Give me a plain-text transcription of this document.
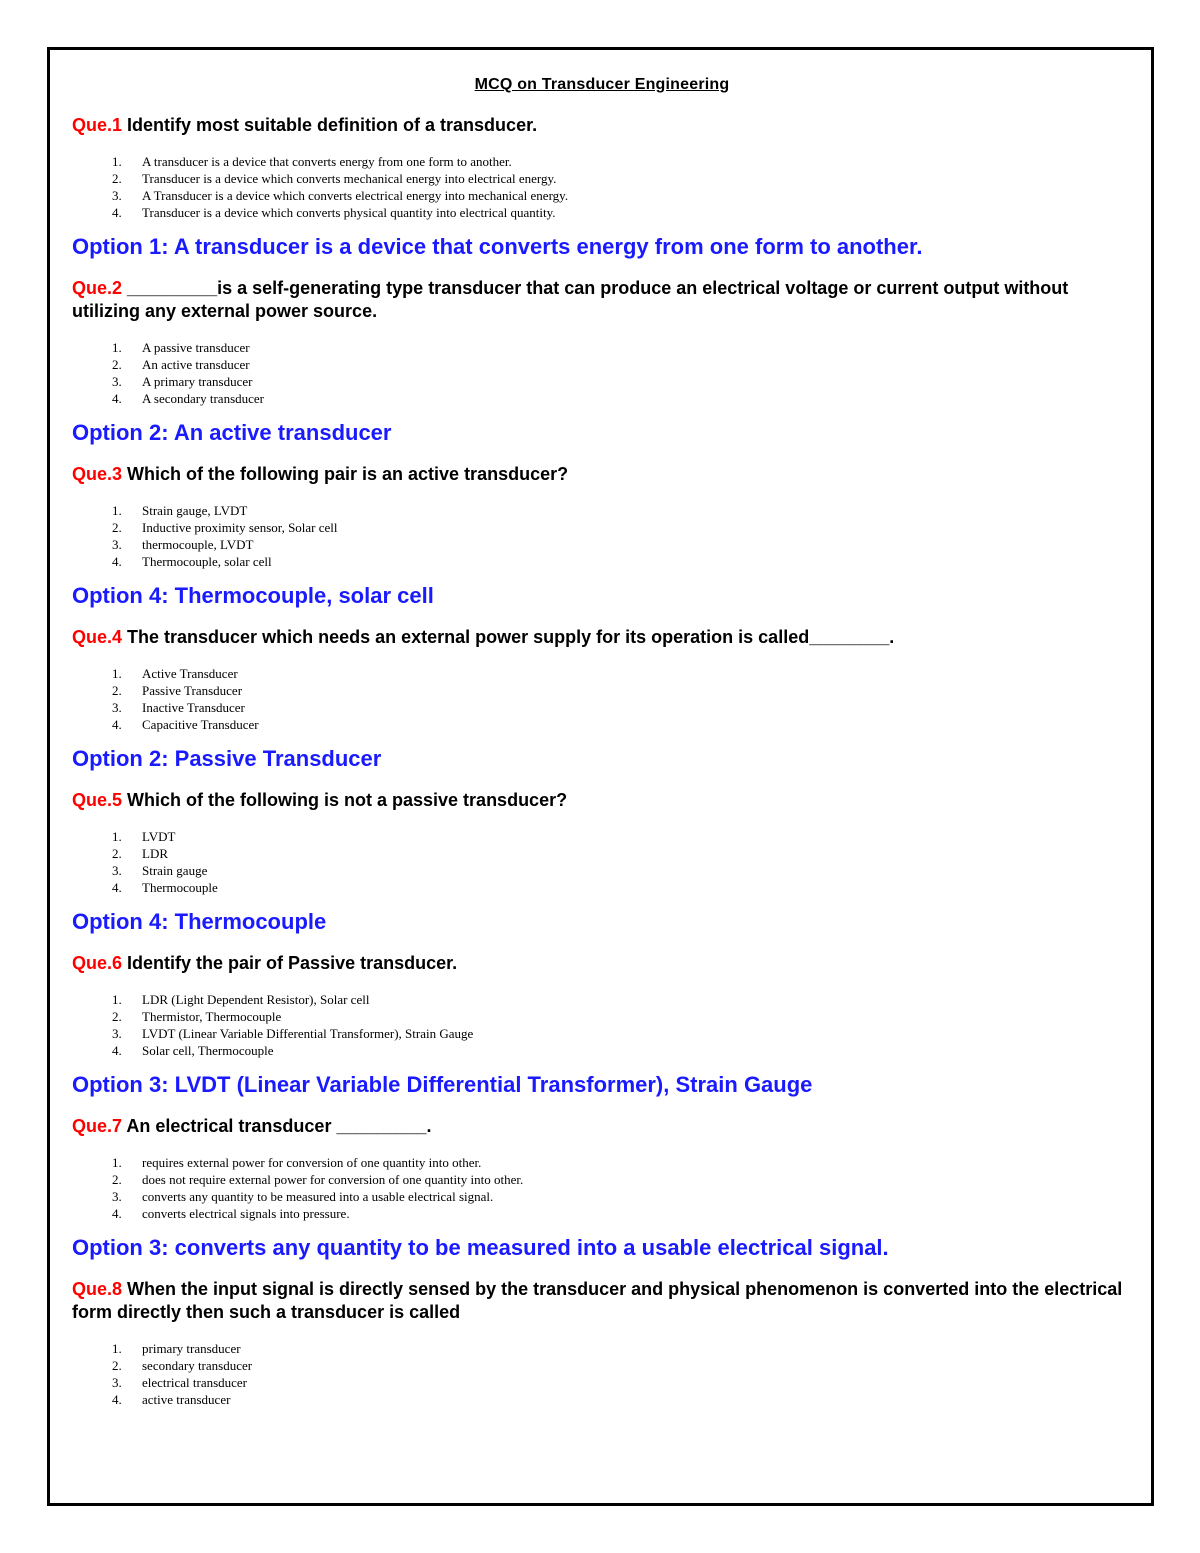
MCQ on Transducer Engineering

Que.1 Identify most suitable definition of a transducer.

1. A transducer is a device that converts energy from one form to another.
2. Transducer is a device which converts mechanical energy into electrical energy.
3. A Transducer is a device which converts electrical energy into mechanical energy.
4. Transducer is a device which converts physical quantity into electrical quantity.

Option 1: A transducer is a device that converts energy from one form to another.

Que.2 _________is a self-generating type transducer that can produce an electrical voltage or current output without utilizing any external power source.

1. A passive transducer
2. An active transducer
3. A primary transducer
4. A secondary transducer

Option 2: An active transducer

Que.3 Which of the following pair is an active transducer?

1. Strain gauge, LVDT
2. Inductive proximity sensor, Solar cell
3. thermocouple, LVDT
4. Thermocouple, solar cell

Option 4: Thermocouple, solar cell

Que.4 The transducer which needs an external power supply for its operation is called________.

1. Active Transducer
2. Passive Transducer
3. Inactive Transducer
4. Capacitive Transducer

Option 2: Passive Transducer

Que.5 Which of the following is not a passive transducer?

1. LVDT
2. LDR
3. Strain gauge
4. Thermocouple

Option 4: Thermocouple

Que.6 Identify the pair of Passive transducer.

1. LDR (Light Dependent Resistor), Solar cell
2. Thermistor, Thermocouple
3. LVDT (Linear Variable Differential Transformer), Strain Gauge
4. Solar cell, Thermocouple

Option 3: LVDT (Linear Variable Differential Transformer), Strain Gauge

Que.7 An electrical transducer _________.

1. requires external power for conversion of one quantity into other.
2. does not require external power for conversion of one quantity into other.
3. converts any quantity to be measured into a usable electrical signal.
4. converts electrical signals into pressure.

Option 3: converts any quantity to be measured into a usable electrical signal.

Que.8 When the input signal is directly sensed by the transducer and physical phenomenon is converted into the electrical form directly then such a transducer is called

1. primary transducer
2. secondary transducer
3. electrical transducer
4. active transducer
